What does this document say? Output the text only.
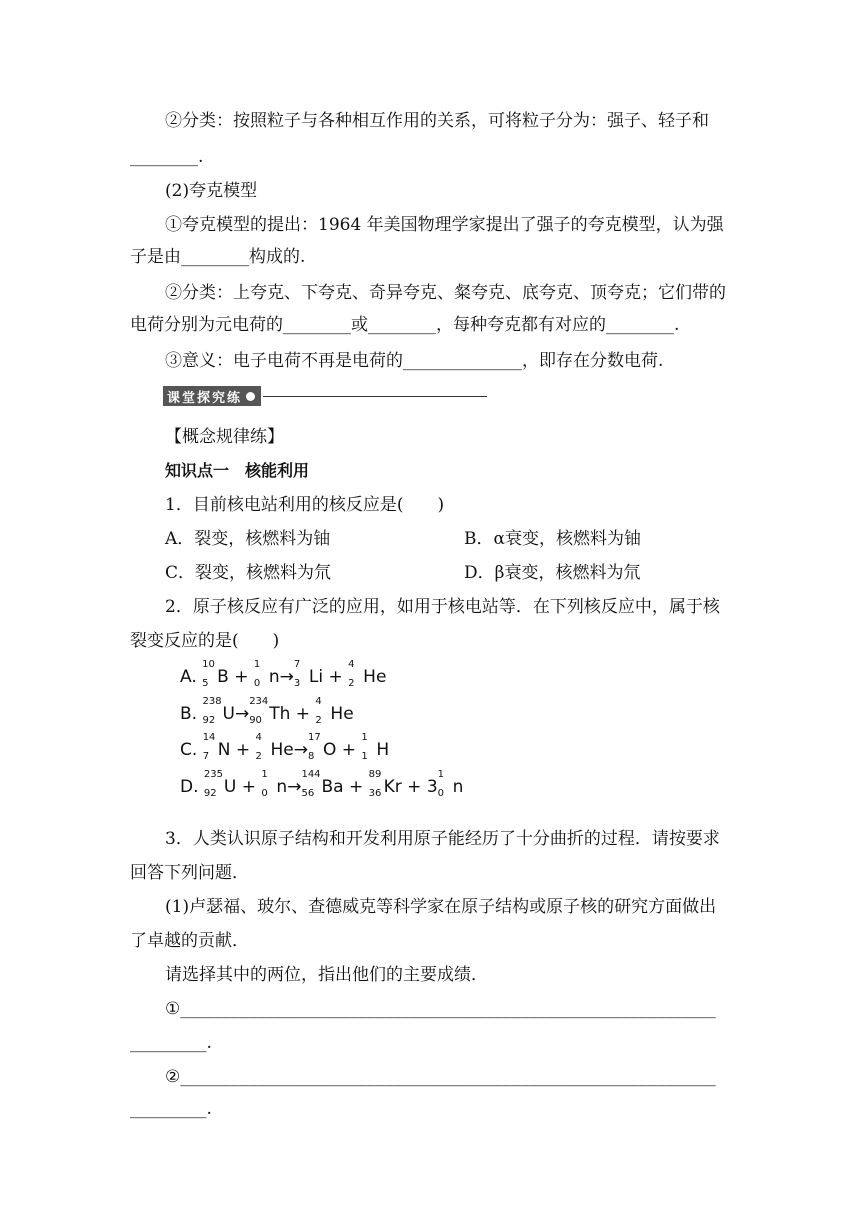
②分类：按照粒子与各种相互作用的关系，可将粒子分为：强子、轻子和
________.
(2)夸克模型
①夸克模型的提出：1964 年美国物理学家提出了强子的夸克模型，认为强
子是由________构成的.
②分类：上夸克、下夸克、奇异夸克、粲夸克、底夸克、顶夸克；它们带的
电荷分别为元电荷的________或________，每种夸克都有对应的________.
③意义：电子电荷不再是电荷的______________，即存在分数电荷.
课堂探究练
【概念规律练】
知识点一　核能利用
1．目前核电站利用的核反应是(　　)
A．裂变，核燃料为铀	B．α衰变，核燃料为铀
C．裂变，核燃料为氘	D．β衰变，核燃料为氘
2．原子核反应有广泛的应用，如用于核电站等．在下列核反应中，属于核
裂变反应的是(　　)
A.
10
5 B +
1
0 n→
7
3 Li +
4
2 He
B.
238
92 U→
234
90 Th +
4
2 He
C.
14
7 N +
4
2 He→
17
8 O +
1
1 H
D.
235
92 U +
1
0 n→
144
56 Ba +
89
36 Kr + 3
1
0 n
3．人类认识原子结构和开发利用原子能经历了十分曲折的过程．请按要求
回答下列问题．
(1)卢瑟福、玻尔、查德威克等科学家在原子结构或原子核的研究方面做出
了卓越的贡献．
请选择其中的两位，指出他们的主要成绩．
①_______________________________________________________________
_________.
②_______________________________________________________________
_________.
